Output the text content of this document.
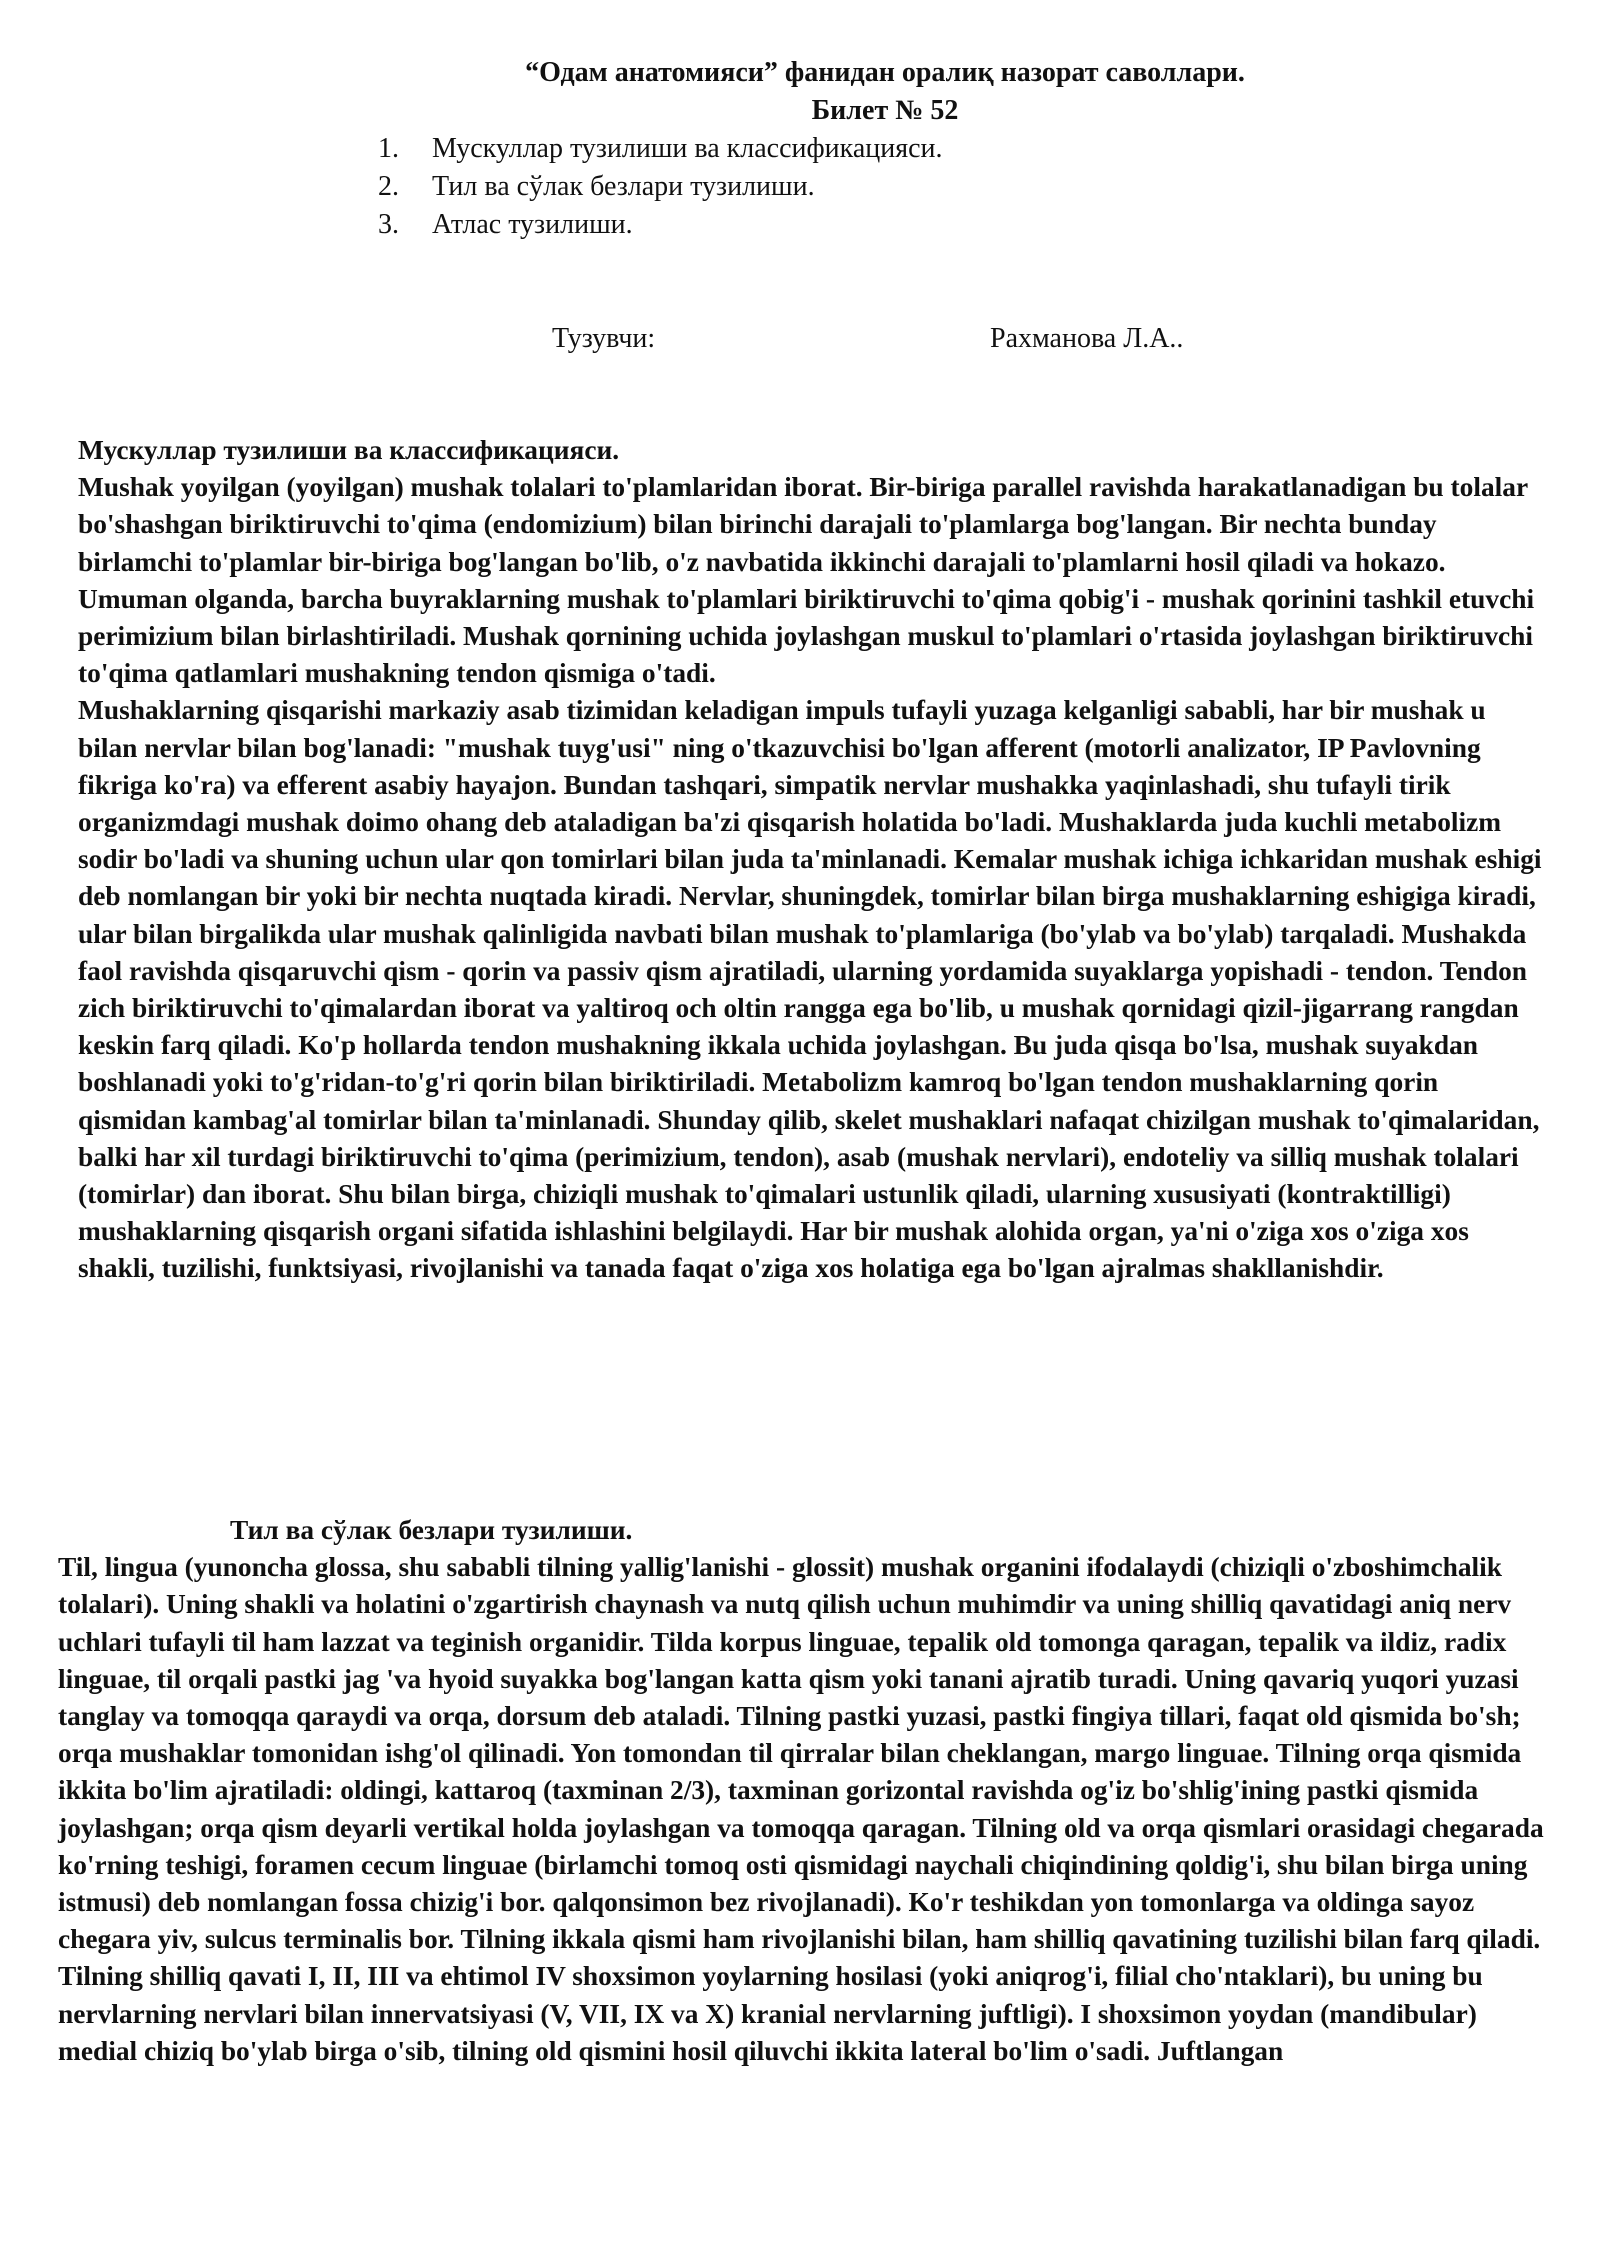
“Одам анатомияси” фанидан оралиқ назорат саволлари.
Билет № 52
1.	Мускуллар тузилиши ва классификацияси.
2.	Тил ва сўлак безлари тузилиши.
3.	Атлас тузилиши.
Тузувчи:	Рахманова Л.А..
Мускуллар тузилиши ва классификацияси.

Mushak yoyilgan (yoyilgan) mushak tolalari to'plamlaridan iborat. Bir-biriga parallel ravishda harakatlanadigan bu tolalar bo'shashgan biriktiruvchi to'qima (endomizium) bilan birinchi darajali to'plamlarga bog'langan. Bir nechta bunday birlamchi to'plamlar bir-biriga bog'langan bo'lib, o'z navbatida ikkinchi darajali to'plamlarni hosil qiladi va hokazo. Umuman olganda, barcha buyraklarning mushak to'plamlari biriktiruvchi to'qima qobig'i - mushak qorinini tashkil etuvchi perimizium bilan birlashtiriladi. Mushak qornining uchida joylashgan muskul to'plamlari o'rtasida joylashgan biriktiruvchi to'qima qatlamlari mushakning tendon qismiga o'tadi.

Mushaklarning qisqarishi markaziy asab tizimidan keladigan impuls tufayli yuzaga kelganligi sababli, har bir mushak u bilan nervlar bilan bog'lanadi: "mushak tuyg'usi" ning o'tkazuvchisi bo'lgan afferent (motorli analizator, IP Pavlovning fikriga ko'ra) va efferent asabiy hayajon. Bundan tashqari, simpatik nervlar mushakka yaqinlashadi, shu tufayli tirik organizmdagi mushak doimo ohang deb ataladigan ba'zi qisqarish holatida bo'ladi. Mushaklarda juda kuchli metabolizm sodir bo'ladi va shuning uchun ular qon tomirlari bilan juda ta'minlanadi. Kemalar mushak ichiga ichkaridan mushak eshigi deb nomlangan bir yoki bir nechta nuqtada kiradi. Nervlar, shuningdek, tomirlar bilan birga mushaklarning eshigiga kiradi, ular bilan birgalikda ular mushak qalinligida navbati bilan mushak to'plamlariga (bo'ylab va bo'ylab) tarqaladi. Mushakda faol ravishda qisqaruvchi qism - qorin va passiv qism ajratiladi, ularning yordamida suyaklarga yopishadi - tendon. Tendon zich biriktiruvchi to'qimalardan iborat va yaltiroq och oltin rangga ega bo'lib, u mushak qornidagi qizil-jigarrang rangdan keskin farq qiladi. Ko'p hollarda tendon mushakning ikkala uchida joylashgan. Bu juda qisqa bo'lsa, mushak suyakdan boshlanadi yoki to'g'ridan-to'g'ri qorin bilan biriktiriladi. Metabolizm kamroq bo'lgan tendon mushaklarning qorin qismidan kambag'al tomirlar bilan ta'minlanadi. Shunday qilib, skelet mushaklari nafaqat chizilgan mushak to'qimalaridan, balki har xil turdagi biriktiruvchi to'qima (perimizium, tendon), asab (mushak nervlari), endoteliy va silliq mushak tolalari (tomirlar) dan iborat. Shu bilan birga, chiziqli mushak to'qimalari ustunlik qiladi, ularning xususiyati (kontraktilligi) mushaklarning qisqarish organi sifatida ishlashini belgilaydi. Har bir mushak alohida organ, ya'ni o'ziga xos o'ziga xos shakli, tuzilishi, funktsiyasi, rivojlanishi va tanada faqat o'ziga xos holatiga ega bo'lgan ajralmas shakllanishdir.

Тил ва сўлак безлари тузилиши.

Til, lingua (yunoncha glossa, shu sababli tilning yallig'lanishi - glossit) mushak organini ifodalaydi (chiziqli o'zboshimchalik tolalari). Uning shakli va holatini o'zgartirish chaynash va nutq qilish uchun muhimdir va uning shilliq qavatidagi aniq nerv uchlari tufayli til ham lazzat va teginish organidir. Tilda korpus linguae, tepalik old tomonga qaragan, tepalik va ildiz, radix linguae, til orqali pastki jag 'va hyoid suyakka bog'langan katta qism yoki tanani ajratib turadi. Uning qavariq yuqori yuzasi tanglay va tomoqqa qaraydi va orqa, dorsum deb ataladi. Tilning pastki yuzasi, pastki fingiya tillari, faqat old qismida bo'sh; orqa mushaklar tomonidan ishg'ol qilinadi. Yon tomondan til qirralar bilan cheklangan, margo linguae. Tilning orqa qismida ikkita bo'lim ajratiladi: oldingi, kattaroq (taxminan 2/3), taxminan gorizontal ravishda og'iz bo'shlig'ining pastki qismida joylashgan; orqa qism deyarli vertikal holda joylashgan va tomoqqa qaragan. Tilning old va orqa qismlari orasidagi chegarada ko'rning teshigi, foramen cecum linguae (birlamchi tomoq osti qismidagi naychali chiqindining qoldig'i, shu bilan birga uning istmusi) deb nomlangan fossa chizig'i bor. qalqonsimon bez rivojlanadi). Ko'r teshikdan yon tomonlarga va oldinga sayoz chegara yiv, sulcus terminalis bor. Tilning ikkala qismi ham rivojlanishi bilan, ham shilliq qavatining tuzilishi bilan farq qiladi. Tilning shilliq qavati I, II, III va ehtimol IV shoxsimon yoylarning hosilasi (yoki aniqrog'i, filial cho'ntaklari), bu uning bu nervlarning nervlari bilan innervatsiyasi (V, VII, IX va X) kranial nervlarning juftligi). I shoxsimon yoydan (mandibular) medial chiziq bo'ylab birga o'sib, tilning old qismini hosil qiluvchi ikkita lateral bo'lim o'sadi. Juftlangan
